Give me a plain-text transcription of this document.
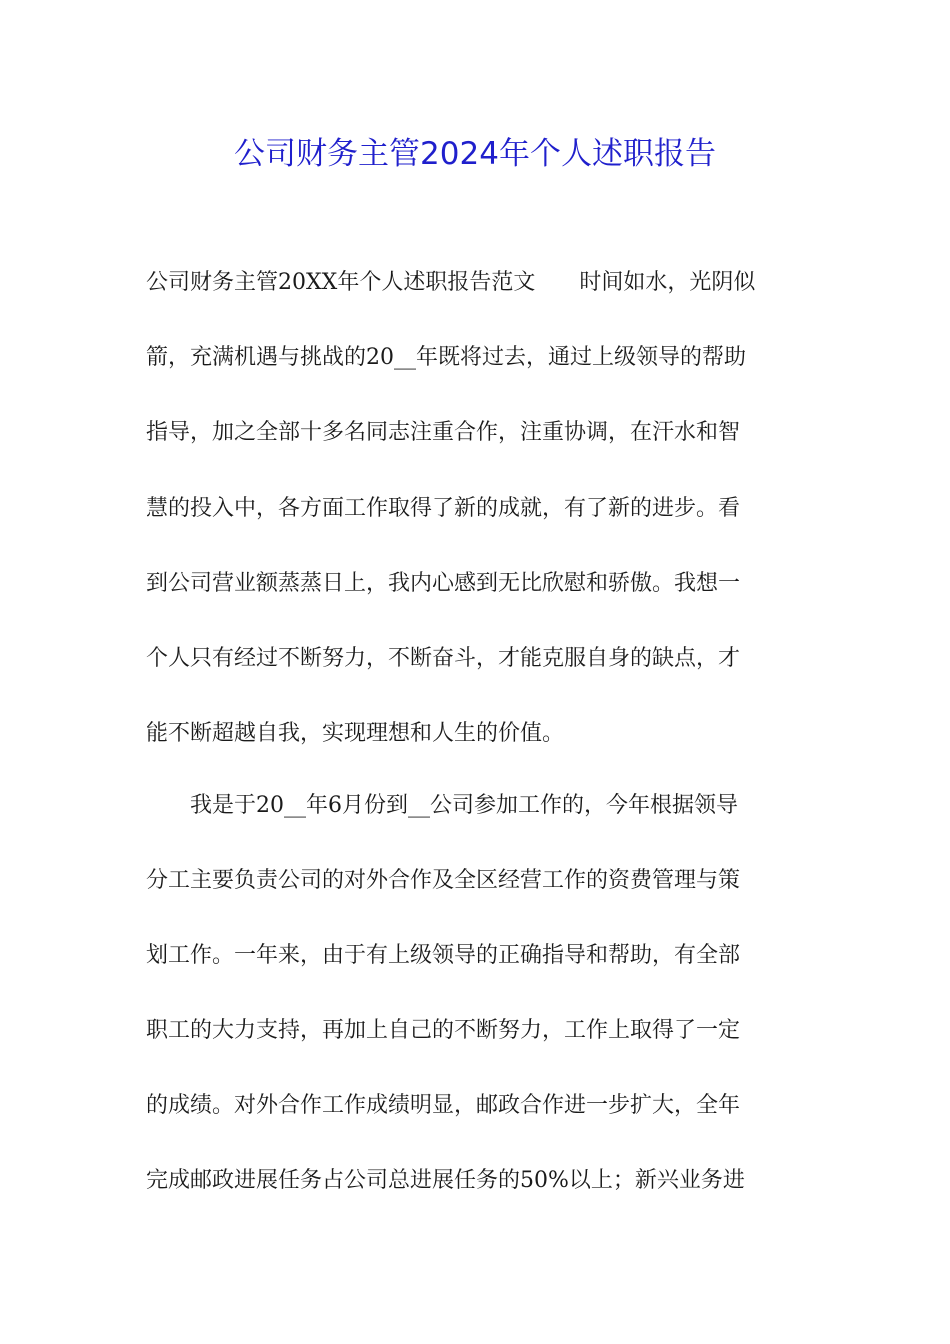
公司财务主管2024年个人述职报告

公司财务主管20XX年个人述职报告范文　　时间如水，光阴似

箭，充满机遇与挑战的20__年既将过去，通过上级领导的帮助

指导，加之全部十多名同志注重合作，注重协调，在汗水和智

慧的投入中，各方面工作取得了新的成就，有了新的进步。看

到公司营业额蒸蒸日上，我内心感到无比欣慰和骄傲。我想一

个人只有经过不断努力，不断奋斗，才能克服自身的缺点，才

能不断超越自我，实现理想和人生的价值。

　　我是于20__年6月份到__公司参加工作的，今年根据领导

分工主要负责公司的对外合作及全区经营工作的资费管理与策

划工作。一年来，由于有上级领导的正确指导和帮助，有全部

职工的大力支持，再加上自己的不断努力，工作上取得了一定

的成绩。对外合作工作成绩明显，邮政合作进一步扩大，全年

完成邮政进展任务占公司总进展任务的50%以上；新兴业务进
